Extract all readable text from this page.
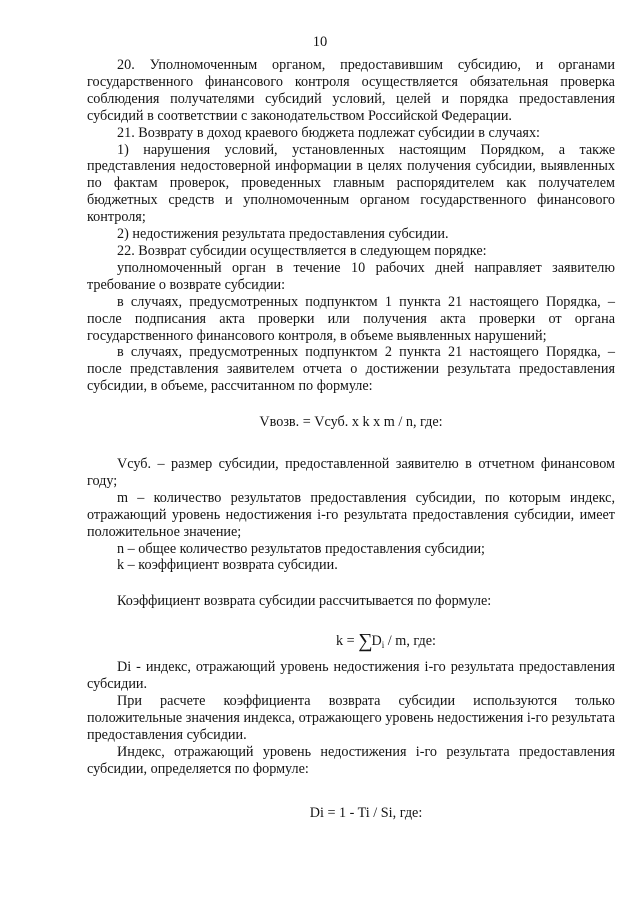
10

20. Уполномоченным органом, предоставившим субсидию, и органами государственного финансового контроля осуществляется обязательная проверка соблюдения получателями субсидий условий, целей и порядка предоставления субсидий в соответствии с законодательством Российской Федерации.

21. Возврату в доход краевого бюджета подлежат субсидии в случаях:

1) нарушения условий, установленных настоящим Порядком, а также представления недостоверной информации в целях получения субсидии, выявленных по фактам проверок, проведенных главным распорядителем как получателем бюджетных средств и уполномоченным органом государственного финансового контроля;

2) недостижения результата предоставления субсидии.

22. Возврат субсидии осуществляется в следующем порядке:

уполномоченный орган в течение 10 рабочих дней направляет заявителю требование о возврате субсидии:

в случаях, предусмотренных подпунктом 1 пункта 21 настоящего Порядка, – после подписания акта проверки или получения акта проверки от органа государственного финансового контроля, в объеме выявленных нарушений;

в случаях, предусмотренных подпунктом 2 пункта 21 настоящего Порядка, – после представления заявителем отчета о достижении результата предоставления субсидии, в объеме, рассчитанном по формуле:

Vвозв. = Vсуб. x k x m / n, где:

Vсуб. – размер субсидии, предоставленной заявителю в отчетном финансовом году;

m – количество результатов предоставления субсидии, по которым индекс, отражающий уровень недостижения i-го результата предоставления субсидии, имеет положительное значение;

n – общее количество результатов предоставления субсидии;

k – коэффициент возврата субсидии.

Коэффициент возврата субсидии рассчитывается по формуле:

$k = \sum D_i / m$, где:

Di - индекс, отражающий уровень недостижения i-го результата предоставления субсидии.

При расчете коэффициента возврата субсидии используются только положительные значения индекса, отражающего уровень недостижения i-го результата предоставления субсидии.

Индекс, отражающий уровень недостижения i-го результата предоставления субсидии, определяется по формуле:

Di = 1 - Ti / Si, где:
